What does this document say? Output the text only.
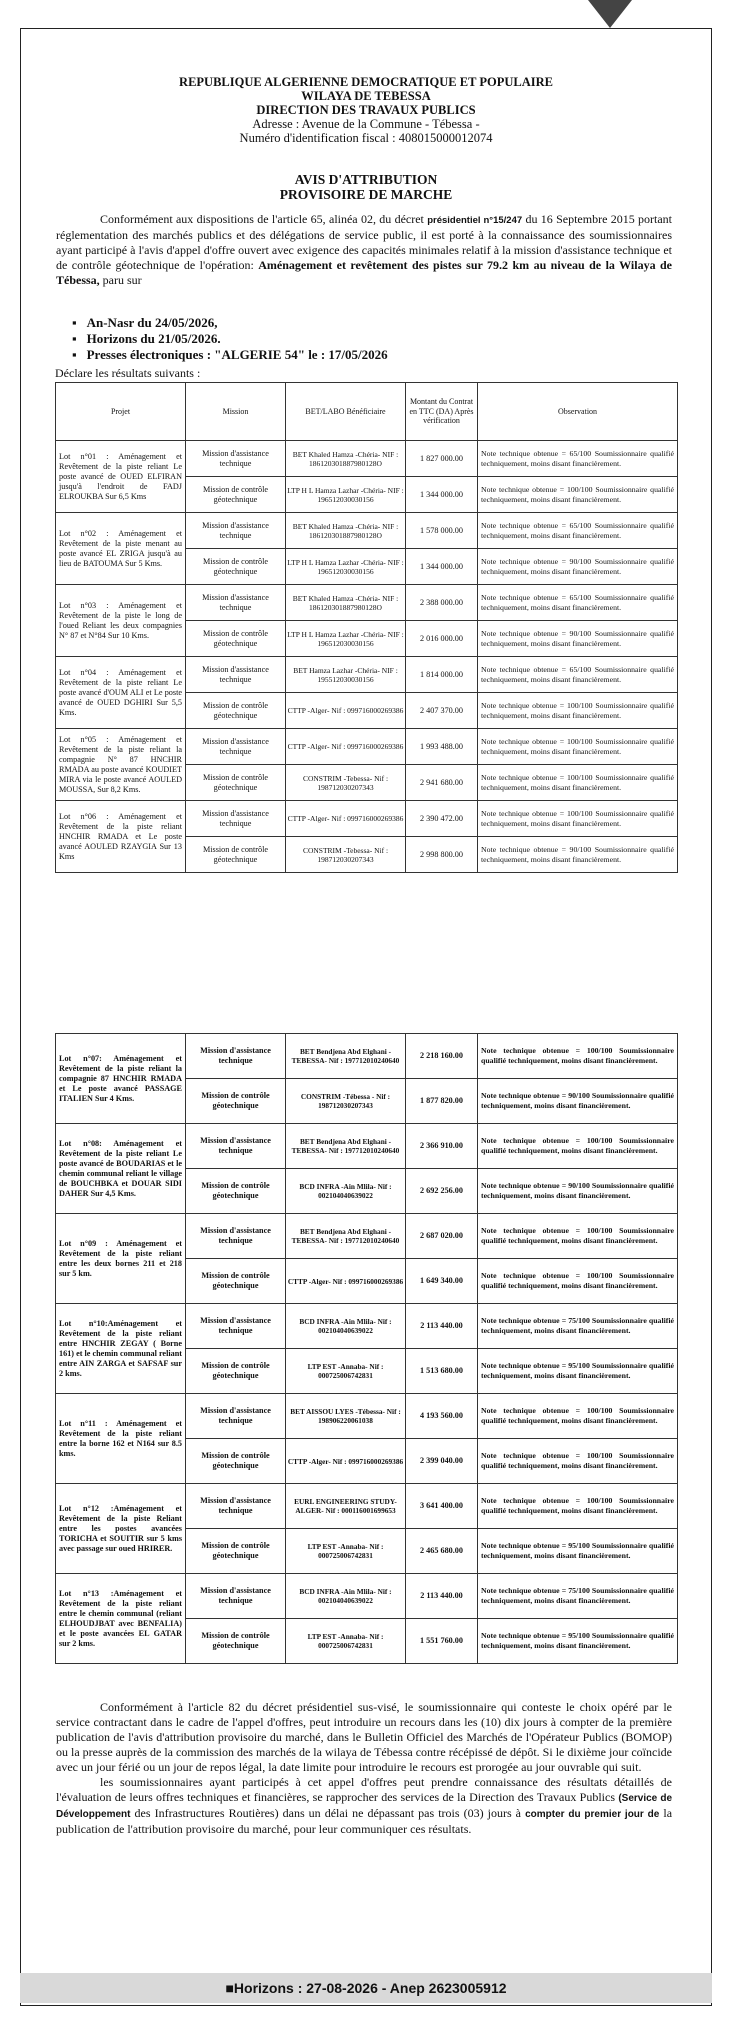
REPUBLIQUE ALGERIENNE DEMOCRATIQUE ET POPULAIRE
WILAYA DE TEBESSA
DIRECTION DES TRAVAUX PUBLICS
Adresse : Avenue de la Commune - Tébessa -
Numéro d'identification fiscal : 408015000012074
AVIS D'ATTRIBUTION
PROVISOIRE DE MARCHE
Conformément aux dispositions de l'article 65, alinéa 02, du décret présidentiel n°15/247 du 16 Septembre 2015 portant réglementation des marchés publics et des délégations de service public, il est porté à la connaissance des soumissionnaires ayant participé à l'avis d'appel d'offre ouvert avec exigence des capacités minimales relatif à la mission d'assistance technique et de contrôle géotechnique de l'opération: Aménagement et revêtement des pistes sur 79.2 km au niveau de la Wilaya de Tébessa, paru sur
▪ An-Nasr du 24/05/2026,
▪ Horizons du 21/05/2026.
▪ Presses électroniques : "ALGERIE 54" le : 17/05/2026
Déclare les résultats suivants :
Projet	Mission	BET/LABO Bénéficiaire	Montant du Contrat en TTC (DA) Après vérification	Observation
Lot n°01 : Aménagement et Revêtement de la piste reliant Le poste avancé de OUED ELFIRAN jusqu'à l'endroit de FADJ ELROUKBA Sur 6,5 Kms	Mission d'assistance technique	BET Khaled Hamza -Chéria- NIF : 186120301887980128O	1 827 000.00	Note technique obtenue = 65/100 Soumissionnaire qualifié techniquement, moins disant financièrement.
	Mission de contrôle géotechnique	LTP H L Hamza Lazhar -Chéria- NIF : 196512030030156	1 344 000.00	Note technique obtenue = 100/100 Soumissionnaire qualifié techniquement, moins disant financièrement.
Lot n°02 : Aménagement et Revêtement de la piste menant au poste avancé EL ZRIGA jusqu'à au lieu de BATOUMA Sur 5 Kms.	Mission d'assistance technique	BET Khaled Hamza -Chéria- NIF : 186120301887980128O	1 578 000.00	Note technique obtenue = 65/100 Soumissionnaire qualifié techniquement, moins disant financièrement.
	Mission de contrôle géotechnique	LTP H L Hamza Lazhar -Chéria- NIF : 196512030030156	1 344 000.00	Note technique obtenue = 90/100 Soumissionnaire qualifié techniquement, moins disant financièrement.
Lot n°03 : Aménagement et Revêtement de la piste le long de l'oued Reliant les deux compagnies N° 87 et N°84 Sur 10 Kms.	Mission d'assistance technique	BET Khaled Hamza -Chéria- NIF : 186120301887980128O	2 388 000.00	Note technique obtenue = 65/100 Soumissionnaire qualifié techniquement, moins disant financièrement.
	Mission de contrôle géotechnique	LTP H L Hamza Lazhar -Chéria- NIF : 196512030030156	2 016 000.00	Note technique obtenue = 90/100 Soumissionnaire qualifié techniquement, moins disant financièrement.
Lot n°04 : Aménagement et Revêtement de la piste reliant Le poste avancé d'OUM ALI et Le poste avancé de OUED DGHIRI Sur 5,5 Kms.	Mission d'assistance technique	BET Hamza Lazhar -Chéria- NIF : 195512030030156	1 814 000.00	Note technique obtenue = 65/100 Soumissionnaire qualifié techniquement, moins disant financièrement.
	Mission de contrôle géotechnique	CTTP -Alger- Nif : 099716000269386	2 407 370.00	Note technique obtenue = 100/100 Soumissionnaire qualifié techniquement, moins disant financièrement.
Lot n°05 : Aménagement et Revêtement de la piste reliant la compagnie N° 87 HNCHIR RMADA au poste avancé KOUDIET MIRA via le poste avancé AOULED MOUSSA, Sur 8,2 Kms.	Mission d'assistance technique	CTTP -Alger- Nif : 099716000269386	1 993 488.00	Note technique obtenue = 100/100 Soumissionnaire qualifié techniquement, moins disant financièrement.
	Mission de contrôle géotechnique	CONSTRIM -Tebessa- Nif : 198712030207343	2 941 680.00	Note technique obtenue = 100/100 Soumissionnaire qualifié techniquement, moins disant financièrement.
Lot n°06 : Aménagement et Revêtement de la piste reliant HNCHIR RMADA et Le poste avancé AOULED RZAYGIA Sur 13 Kms	Mission d'assistance technique	CTTP -Alger- Nif : 099716000269386	2 390 472.00	Note technique obtenue = 100/100 Soumissionnaire qualifié techniquement, moins disant financièrement.
	Mission de contrôle géotechnique	CONSTRIM -Tebessa- Nif : 198712030207343	2 998 800.00	Note technique obtenue = 90/100 Soumissionnaire qualifié techniquement, moins disant financièrement.
Lot n°07: Aménagement et Revêtement de la piste reliant la compagnie 87 HNCHIR RMADA et Le poste avancé PASSAGE ITALIEN Sur 4 Kms.	Mission d'assistance technique	BET Bendjena Abd Elghani -TEBESSA- Nif : 197712010240640	2 218 160.00	Note technique obtenue = 100/100 Soumissionnaire qualifié techniquement, moins disant financièrement.
	Mission de contrôle géotechnique	CONSTRIM -Tébessa - Nif : 198712030207343	1 877 820.00	Note technique obtenue = 90/100 Soumissionnaire qualifié techniquement, moins disant financièrement.
Lot n°08: Aménagement et Revêtement de la piste reliant Le poste avancé de BOUDARIAS et le chemin communal reliant le village de BOUCHBKA et DOUAR SIDI DAHER Sur 4,5 Kms.	Mission d'assistance technique	BET Bendjena Abd Elghani -TEBESSA- Nif : 197712010240640	2 366 910.00	Note technique obtenue = 100/100 Soumissionnaire qualifié techniquement, moins disant financièrement.
	Mission de contrôle géotechnique	BCD INFRA -Ain Mlila- Nif : 002104040639022	2 692 256.00	Note technique obtenue = 90/100 Soumissionnaire qualifié techniquement, moins disant financièrement.
Lot n°09 : Aménagement et Revêtement de la piste reliant entre les deux bornes 211 et 218 sur 5 km.	Mission d'assistance technique	BET Bendjena Abd Elghani -TEBESSA- Nif : 197712010240640	2 687 020.00	Note technique obtenue = 100/100 Soumissionnaire qualifié techniquement, moins disant financièrement.
	Mission de contrôle géotechnique	CTTP -Alger- Nif : 099716000269386	1 649 340.00	Note technique obtenue = 100/100 Soumissionnaire qualifié techniquement, moins disant financièrement.
Lot n°10:Aménagement et Revêtement de la piste reliant entre HNCHIR ZEGAY ( Borne 161) et le chemin communal reliant entre AIN ZARGA et SAFSAF sur 2 kms.	Mission d'assistance technique	BCD INFRA -Ain Mlila- Nif : 002104040639022	2 113 440.00	Note technique obtenue = 75/100 Soumissionnaire qualifié techniquement, moins disant financièrement.
	Mission de contrôle géotechnique	LTP EST -Annaba- Nif : 000725006742831	1 513 680.00	Note technique obtenue = 95/100 Soumissionnaire qualifié techniquement, moins disant financièrement.
Lot n°11 : Aménagement et Revêtement de la piste reliant entre la borne 162 et N164 sur 8.5 kms.	Mission d'assistance technique	BET AISSOU LYES -Tébessa- Nif : 198906220061038	4 193 560.00	Note technique obtenue = 100/100 Soumissionnaire qualifié techniquement, moins disant financièrement.
	Mission de contrôle géotechnique	CTTP -Alger- Nif : 099716000269386	2 399 040.00	Note technique obtenue = 100/100 Soumissionnaire qualifié techniquement, moins disant financièrement.
Lot n°12 :Aménagement et Revêtement de la piste Reliant entre les postes avancées TORICHA et SOUITIR sur 5 kms avec passage sur oued HRIRER.	Mission d'assistance technique	EURL ENGINEERING STUDY-ALGER- Nif : 000116001699653	3 641 400.00	Note technique obtenue = 100/100 Soumissionnaire qualifié techniquement, moins disant financièrement.
	Mission de contrôle géotechnique	LTP EST -Annaba- Nif : 000725006742831	2 465 680.00	Note technique obtenue = 95/100 Soumissionnaire qualifié techniquement, moins disant financièrement.
Lot n°13 :Aménagement et Revêtement de la piste reliant entre le chemin communal (reliant ELHOUDJBAT avec BENFALIA) et le poste avancées EL GATAR sur 2 kms.	Mission d'assistance technique	BCD INFRA -Ain Mlila- Nif : 002104040639022	2 113 440.00	Note technique obtenue = 75/100 Soumissionnaire qualifié techniquement, moins disant financièrement.
	Mission de contrôle géotechnique	LTP EST -Annaba- Nif : 000725006742831	1 551 760.00	Note technique obtenue = 95/100 Soumissionnaire qualifié techniquement, moins disant financièrement.

Conformément à l'article 82 du décret présidentiel sus-visé, le soumissionnaire qui conteste le choix opéré par le service contractant dans le cadre de l'appel d'offres, peut introduire un recours dans les (10) dix jours à compter de la première publication de l'avis d'attribution provisoire du marché, dans le Bulletin Officiel des Marchés de l'Opérateur Publics (BOMOP) ou la presse auprès de la commission des marchés de la wilaya de Tébessa contre récépissé de dépôt. Si le dixième jour coïncide avec un jour férié ou un jour de repos légal, la date limite pour introduire le recours est prorogée au jour ouvrable qui suit.

les soumissionnaires ayant participés à cet appel d'offres peut prendre connaissance des résultats détaillés de l'évaluation de leurs offres techniques et financières, se rapprocher des services de la Direction des Travaux Publics (Service de Développement des Infrastructures Routières) dans un délai ne dépassant pas trois (03) jours à compter du premier jour de la publication de l'attribution provisoire du marché, pour leur communiquer ces résultats.

■Horizons : 27-08-2026 - Anep 2623005912
